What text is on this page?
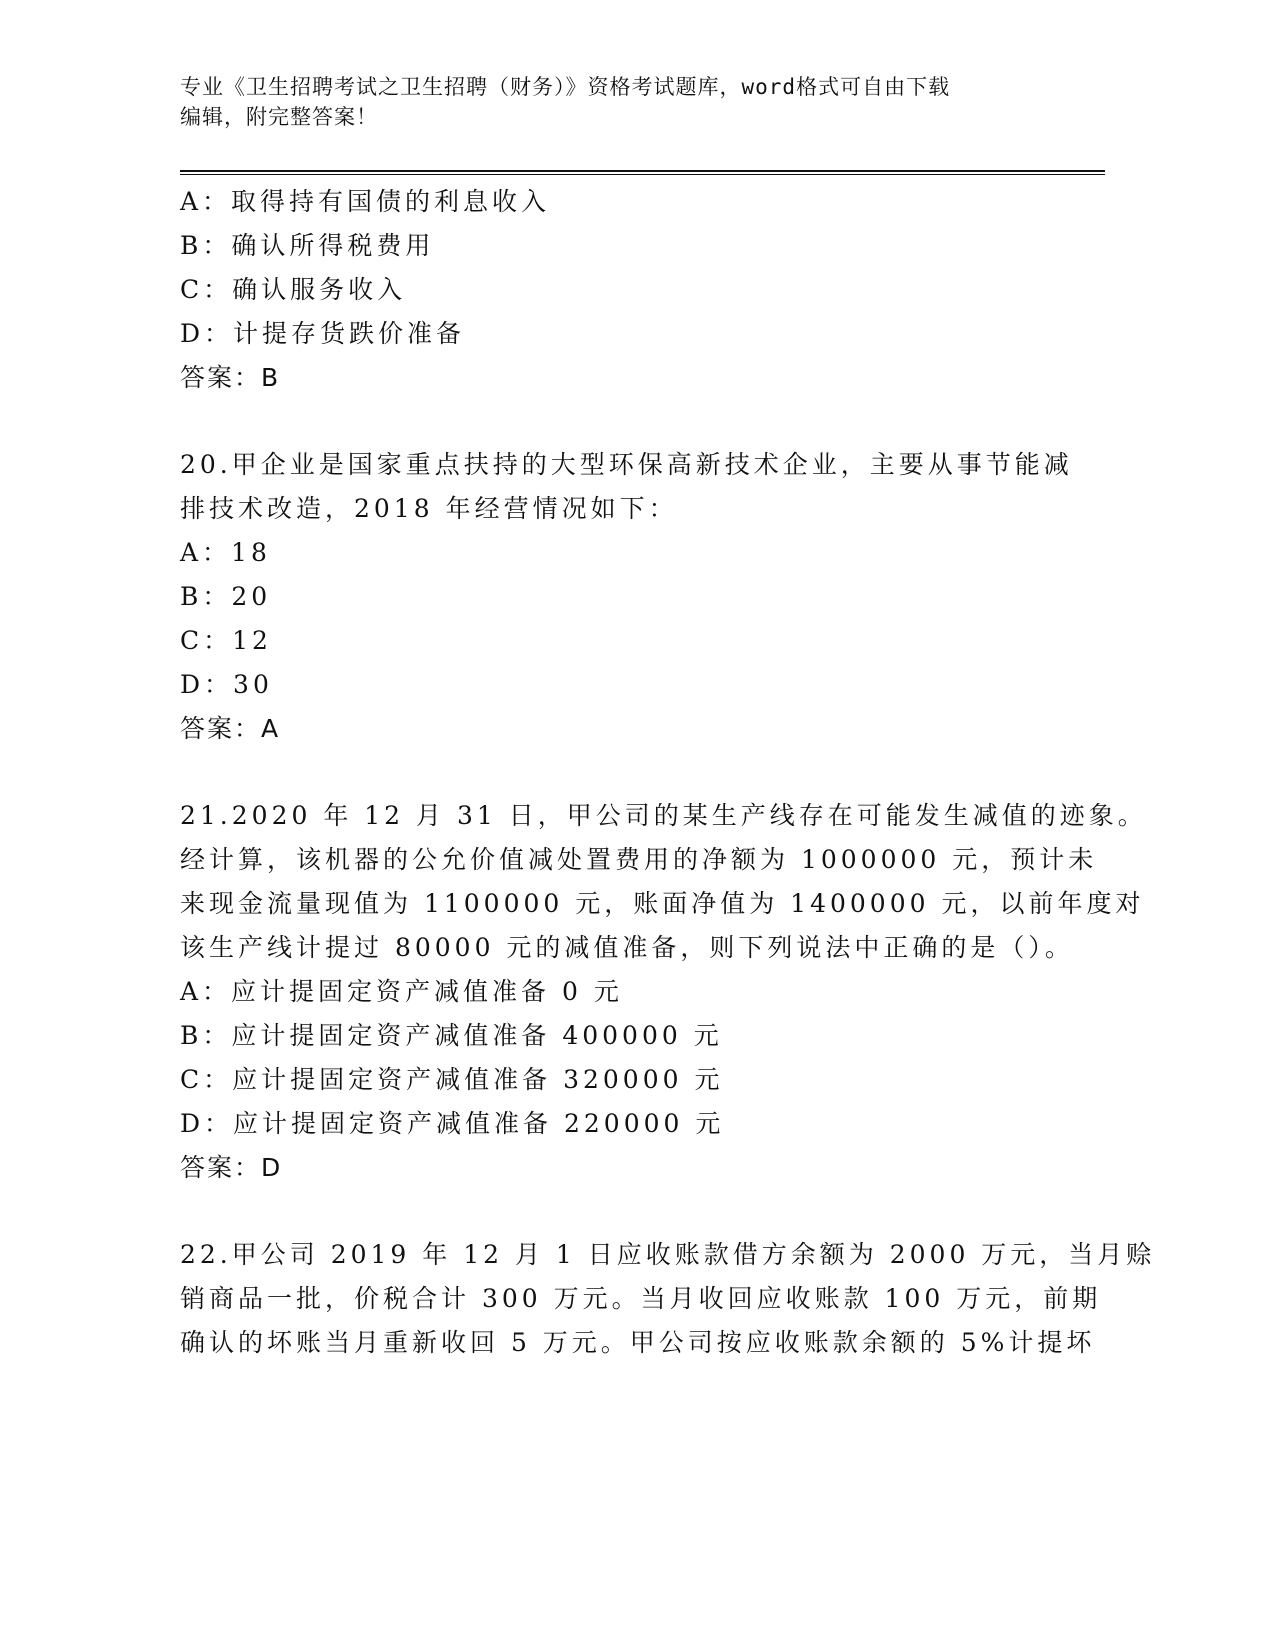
专业《卫生招聘考试之卫生招聘（财务）》资格考试题库，word格式可自由下载
编辑，附完整答案！
A：取得持有国债的利息收入
B：确认所得税费用
C：确认服务收入
D：计提存货跌价准备
答案：B
20.甲企业是国家重点扶持的大型环保高新技术企业，主要从事节能减
排技术改造，2018 年经营情况如下：
A：18
B：20
C：12
D：30
答案：A
21.2020 年 12 月 31 日，甲公司的某生产线存在可能发生减值的迹象。
经计算，该机器的公允价值减处置费用的净额为 1000000 元，预计未
来现金流量现值为 1100000 元，账面净值为 1400000 元，以前年度对
该生产线计提过 80000 元的减值准备，则下列说法中正确的是（）。
A：应计提固定资产减值准备 0 元
B：应计提固定资产减值准备 400000 元
C：应计提固定资产减值准备 320000 元
D：应计提固定资产减值准备 220000 元
答案：D
22.甲公司 2019 年 12 月 1 日应收账款借方余额为 2000 万元，当月赊
销商品一批，价税合计 300 万元。当月收回应收账款 100 万元，前期
确认的坏账当月重新收回 5 万元。甲公司按应收账款余额的 5%计提坏
